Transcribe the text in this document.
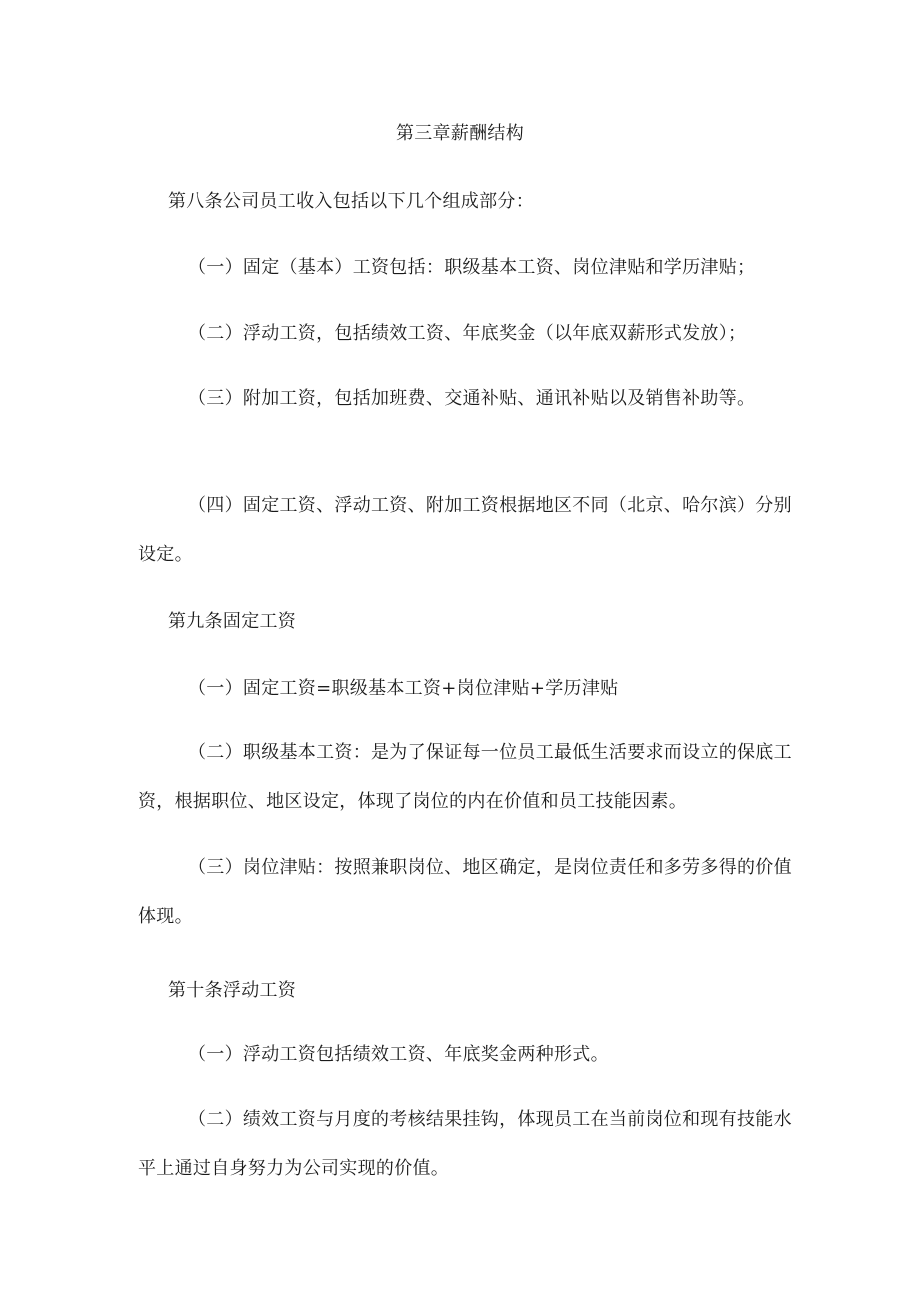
第三章薪酬结构
第八条公司员工收入包括以下几个组成部分：
（一）固定（基本）工资包括：职级基本工资、岗位津贴和学历津贴；
（二）浮动工资，包括绩效工资、年底奖金（以年底双薪形式发放）；
（三）附加工资，包括加班费、交通补贴、通讯补贴以及销售补助等。
（四）固定工资、浮动工资、附加工资根据地区不同（北京、哈尔滨）分别
设定。
第九条固定工资
（一）固定工资=职级基本工资+岗位津贴+学历津贴
（二）职级基本工资：是为了保证每一位员工最低生活要求而设立的保底工
资，根据职位、地区设定，体现了岗位的内在价值和员工技能因素。
（三）岗位津贴：按照兼职岗位、地区确定，是岗位责任和多劳多得的价值
体现。
第十条浮动工资
（一）浮动工资包括绩效工资、年底奖金两种形式。
（二）绩效工资与月度的考核结果挂钩，体现员工在当前岗位和现有技能水
平上通过自身努力为公司实现的价值。
